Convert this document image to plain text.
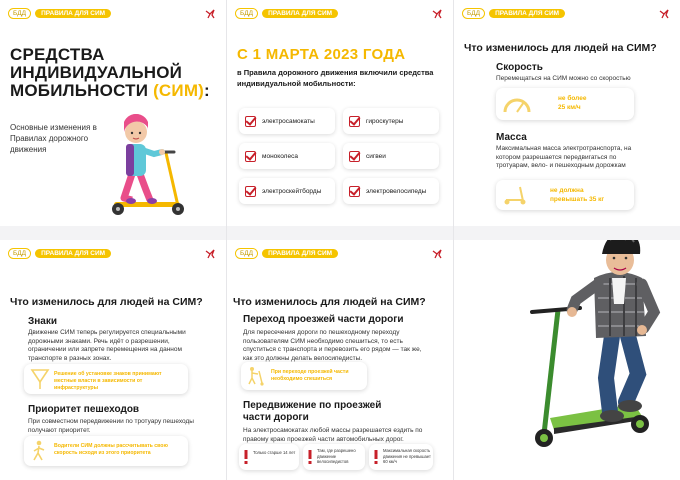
БДД	ПРАВИЛА ДЛЯ СИМ
СРЕДСТВА
ИНДИВИДУАЛЬНОЙ
МОБИЛЬНОСТИ (СИМ):
Основные изменения в Правилах дорожного движения
БДД	ПРАВИЛА ДЛЯ СИМ
С 1 МАРТА 2023 ГОДА
в Правила дорожного движения включили средства индивидуальной мобильности:
электросамокаты	гироскутеры
моноколеса	сигвеи
электроскейтборды	электровелосипеды
БДД	ПРАВИЛА ДЛЯ СИМ
Что изменилось для людей на СИМ?
Скорость
Перемещаться на СИМ можно со скоростью
не более
25 км/ч
Масса
Максимальная масса электротранспорта, на котором разрешается передвигаться по тротуарам, вело- и пешеходным дорожкам
не должна
превышать 35 кг
БДД	ПРАВИЛА ДЛЯ СИМ
Что изменилось для людей на СИМ?
Знаки
Движение СИМ теперь регулируется специальными дорожными знаками. Речь идёт о разрешении, ограничении или запрете перемещения на данном транспорте в разных зонах.
Решение об установке знаков принимают местные власти в зависимости от инфраструктуры
Приоритет пешеходов
При совместном передвижении по тротуару пешеходы получают приоритет.
Водители СИМ должны рассчитывать свою скорость исходя из этого приоритета
БДД	ПРАВИЛА ДЛЯ СИМ
Что изменилось для людей на СИМ?
Переход проезжей части дороги
Для пересечения дороги по пешеходному переходу пользователям СИМ необходимо спешиться, то есть спуститься с транспорта и перевозить его рядом — так же, как это должны делать велосипедисты.
При переходе проезжей части необходимо спешиться
Передвижение по проезжей
части дороги
На электросамокатах любой массы разрешается ездить по правому краю проезжей части автомобильных дорог.
Только старше 14 лет	Там, где разрешено движение велосипедистов
Максимальная скорость движения не превышает 60 км/ч
